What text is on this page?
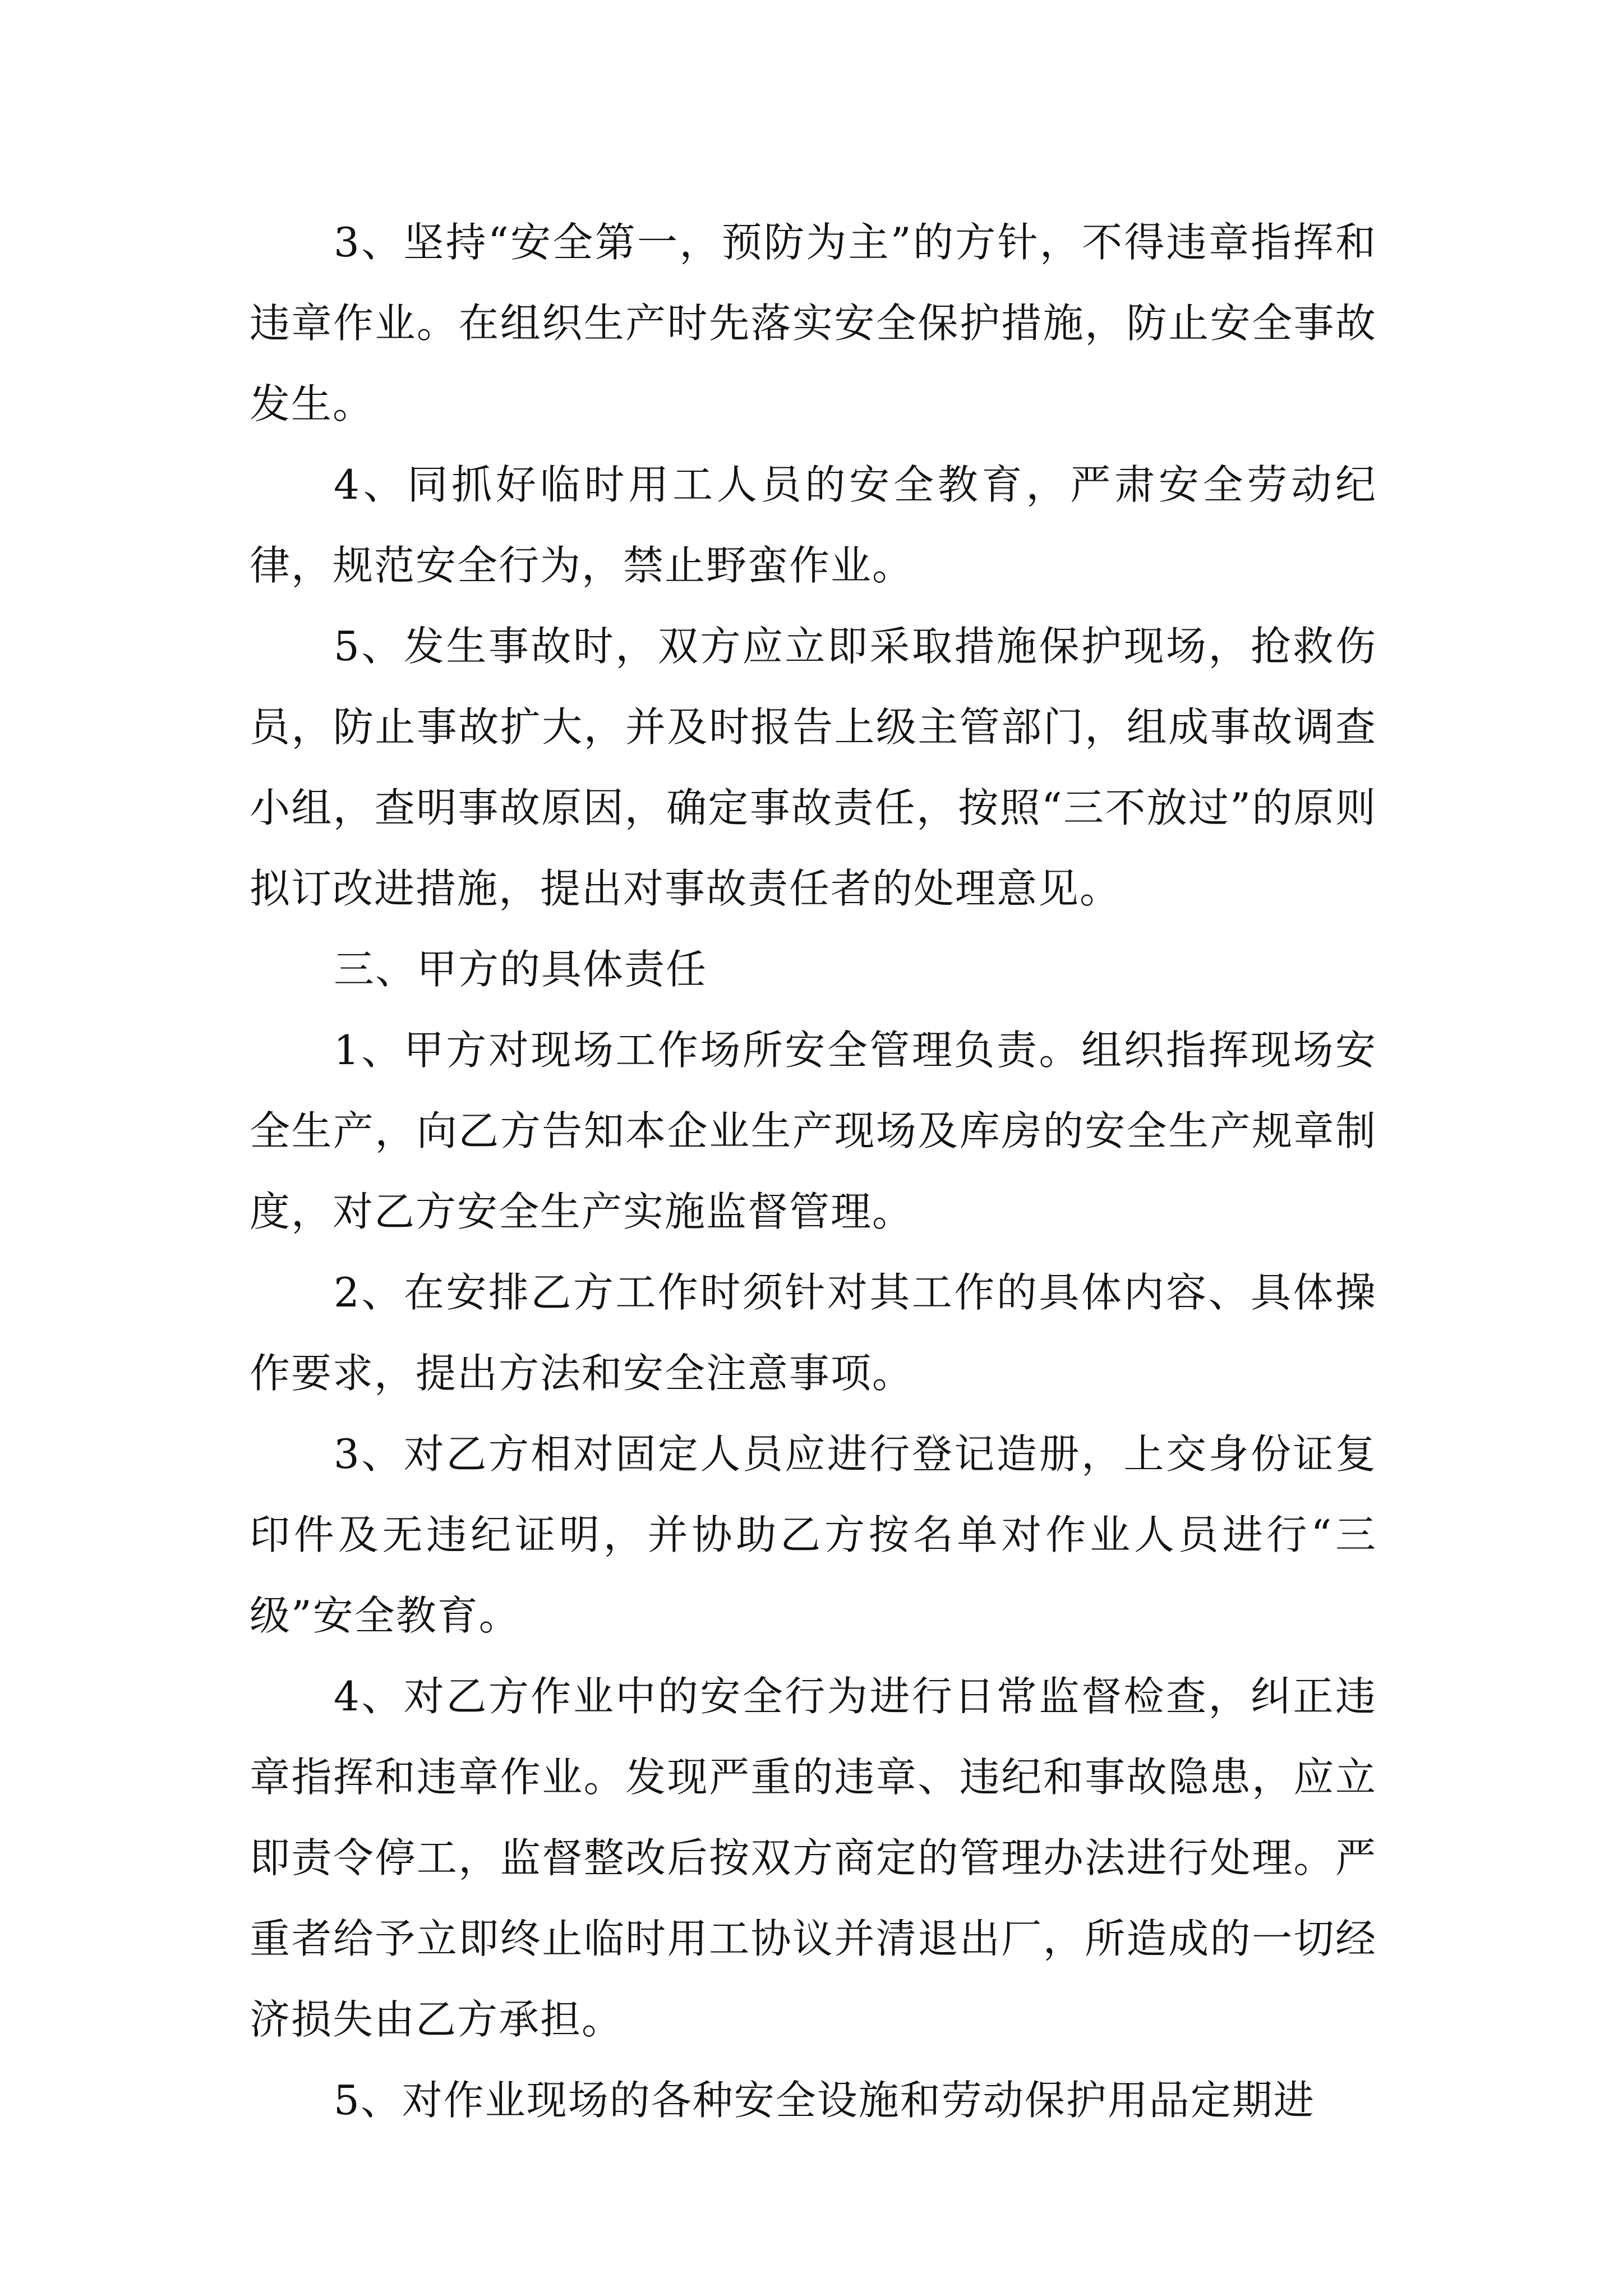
3、坚持“安全第一，预防为主”的方针，不得违章指挥和违章作业。在组织生产时先落实安全保护措施，防止安全事故发生。

4、同抓好临时用工人员的安全教育，严肃安全劳动纪律，规范安全行为，禁止野蛮作业。

5、发生事故时，双方应立即采取措施保护现场，抢救伤员，防止事故扩大，并及时报告上级主管部门，组成事故调查小组，查明事故原因，确定事故责任，按照“三不放过”的原则拟订改进措施，提出对事故责任者的处理意见。

三、甲方的具体责任

1、甲方对现场工作场所安全管理负责。组织指挥现场安全生产，向乙方告知本企业生产现场及库房的安全生产规章制度，对乙方安全生产实施监督管理。

2、在安排乙方工作时须针对其工作的具体内容、具体操作要求，提出方法和安全注意事项。

3、对乙方相对固定人员应进行登记造册，上交身份证复印件及无违纪证明，并协助乙方按名单对作业人员进行“三级”安全教育。

4、对乙方作业中的安全行为进行日常监督检查，纠正违章指挥和违章作业。发现严重的违章、违纪和事故隐患，应立即责令停工，监督整改后按双方商定的管理办法进行处理。严重者给予立即终止临时用工协议并清退出厂，所造成的一切经济损失由乙方承担。

5、对作业现场的各种安全设施和劳动保护用品定期进
